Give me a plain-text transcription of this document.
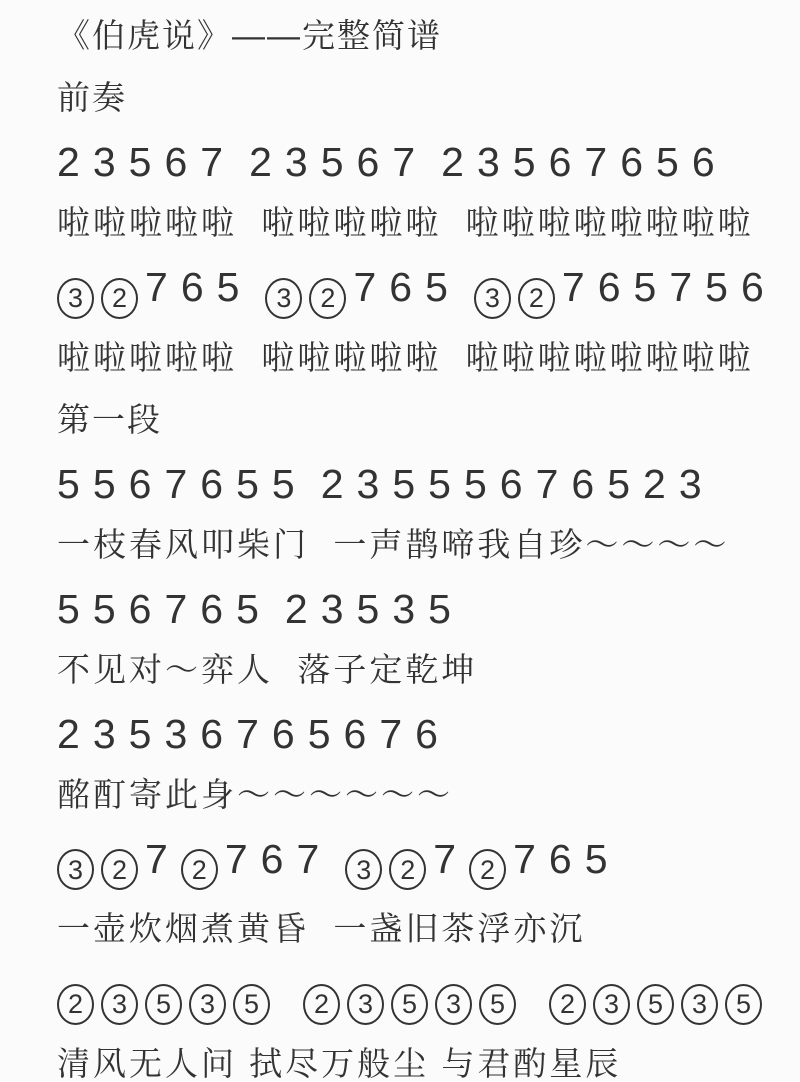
《伯虎说》——完整简谱
前奏
2 3 5 6 7 2 3 5 6 7 2 3 5 6 7 6 5 6
啦啦啦啦啦  啦啦啦啦啦  啦啦啦啦啦啦啦啦
3 2 7 6 5 3 2 7 6 5 3 2 7 6 5 7 5 6
啦啦啦啦啦  啦啦啦啦啦  啦啦啦啦啦啦啦啦
第一段
5 5 6 7 6 5 5 2 3 5 5 5 6 7 6 5 2 3
一枝春风叩柴门  一声鹊啼我自珍～～～～
5 5 6 7 6 5 2 3 5 3 5
不见对～弈人  落子定乾坤
2 3 5 3 6 7 6 5 6 7 6
酩酊寄此身～～～～～～
3 2 7 2 7 6 7 3 2 7 2 7 6 5
一壶炊烟煮黄昏  一盏旧茶浮亦沉
2 3 5 3 5 2 3 5 3 5 2 3 5 3 5
清风无人问 拭尽万般尘 与君酌星辰
